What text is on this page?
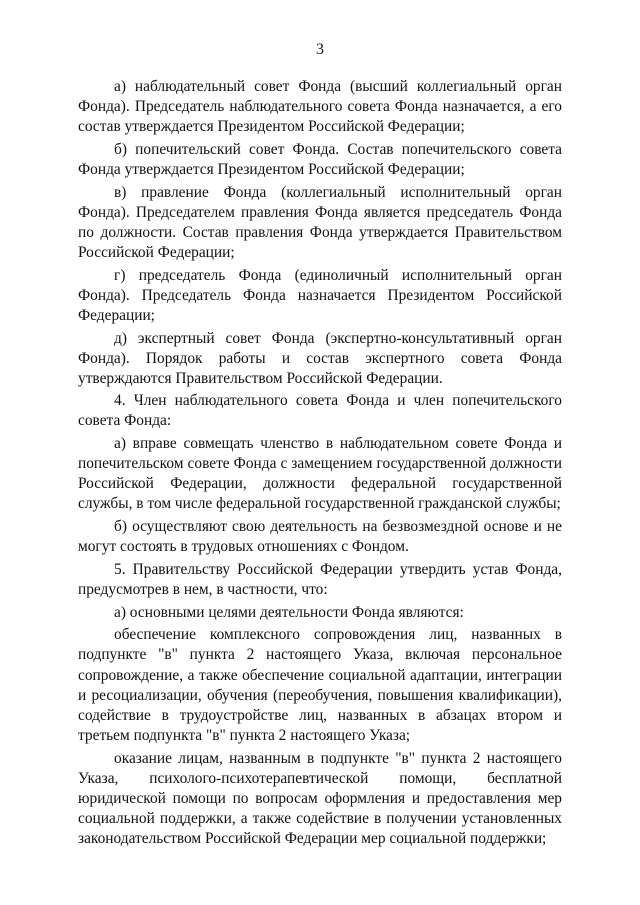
3

а) наблюдательный совет Фонда (высший коллегиальный орган Фонда). Председатель наблюдательного совета Фонда назначается, а его состав утверждается Президентом Российской Федерации;

б) попечительский совет Фонда. Состав попечительского совета Фонда утверждается Президентом Российской Федерации;

в) правление Фонда (коллегиальный исполнительный орган Фонда). Председателем правления Фонда является председатель Фонда по должности. Состав правления Фонда утверждается Правительством Российской Федерации;

г) председатель Фонда (единоличный исполнительный орган Фонда). Председатель Фонда назначается Президентом Российской Федерации;

д) экспертный совет Фонда (экспертно-консультативный орган Фонда). Порядок работы и состав экспертного совета Фонда утверждаются Правительством Российской Федерации.

4. Член наблюдательного совета Фонда и член попечительского совета Фонда:

а) вправе совмещать членство в наблюдательном совете Фонда и попечительском совете Фонда с замещением государственной должности Российской Федерации, должности федеральной государственной службы, в том числе федеральной государственной гражданской службы;

б) осуществляют свою деятельность на безвозмездной основе и не могут состоять в трудовых отношениях с Фондом.

5. Правительству Российской Федерации утвердить устав Фонда, предусмотрев в нем, в частности, что:

а) основными целями деятельности Фонда являются:

обеспечение комплексного сопровождения лиц, названных в подпункте "в" пункта 2 настоящего Указа, включая персональное сопровождение, а также обеспечение социальной адаптации, интеграции и ресоциализации, обучения (переобучения, повышения квалификации), содействие в трудоустройстве лиц, названных в абзацах втором и третьем подпункта "в" пункта 2 настоящего Указа;

оказание лицам, названным в подпункте "в" пункта 2 настоящего Указа, психолого-психотерапевтической помощи, бесплатной юридической помощи по вопросам оформления и предоставления мер социальной поддержки, а также содействие в получении установленных законодательством Российской Федерации мер социальной поддержки;
